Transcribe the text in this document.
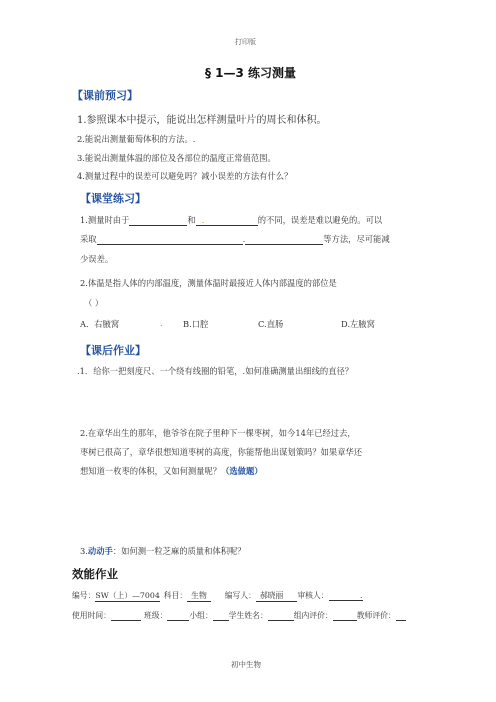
打印版
§ 1—3 练习测量
【课前预习】
1.参照课本中提示，能说出怎样测量叶片的周长和体积。
2.能说出测量葡萄体积的方法。.
3.能说出测量体温的部位及各部位的温度正常值范围。
4.测量过程中的误差可以避免吗？减小误差的方法有什么？
【课堂练习】
1.测量时由于	和 .	的不同，误差是难以避免的。可以
采取	.	等方法，尽可能减
少误差。
2.体温是指人体的内部温度，测量体温时最接近人体内部温度的部位是
（ ）
A．右腋窝	. B.口腔	C.直肠	D.左腋窝
【课后作业】
.1．给你一把刻度尺、一个绕有线圈的铅笔，.如何准确测量出细线的直径？
2.在章华出生的那年，他爷爷在院子里种下一棵枣树，如今14年已经过去，
枣树已很高了，章华很想知道枣树的高度，你能帮他出谋划策吗？如果章华还
想知道一枚枣的体积，又如何测量呢？（选做题）
3.动动手：如何测一粒芝麻的质量和体积呢？
效能作业
编号：SW（上）—7004 科目： 生物 编写人： 郝晓丽 审核人：	.
使用时间：	班级：	小组： 学生姓名：	组内评价：	教师评价：
初中生物
